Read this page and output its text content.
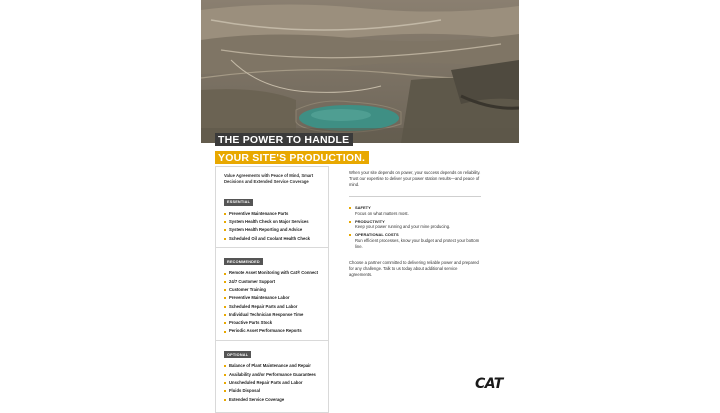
THE POWER TO HANDLE
YOUR SITE'S PRODUCTION.
Value Agreements with Peace of Mind, Smart Decisions and Extended Service Coverage
ESSENTIAL
Preventive Maintenance Parts
System Health Check on Major Services
System Health Reporting and Advice
Scheduled Oil and Coolant Health Check
RECOMMENDED
Remote Asset Monitoring with Cat® Connect
24/7 Customer Support
Customer Training
Preventive Maintenance Labor
Scheduled Repair Parts and Labor
Individual Technician Response Time
Proactive Parts Stock
Periodic Asset Performance Reports
OPTIONAL
Balance of Plant Maintenance and Repair
Availability and/or Performance Guarantees
Unscheduled Repair Parts and Labor
Fluids Disposal
Extended Service Coverage

When your site depends on power, your success depends on reliability. Trust our expertise to deliver your power station results—and peace of mind.

SAFETY
Focus on what matters most.
PRODUCTIVITY
Keep your power running and your mine producing.
OPERATIONAL COSTS
Run efficient processes, know your budget and protect your bottom line.

Choose a partner committed to delivering reliable power and prepared for any challenge. Talk to us today about additional service agreements.

CAT
